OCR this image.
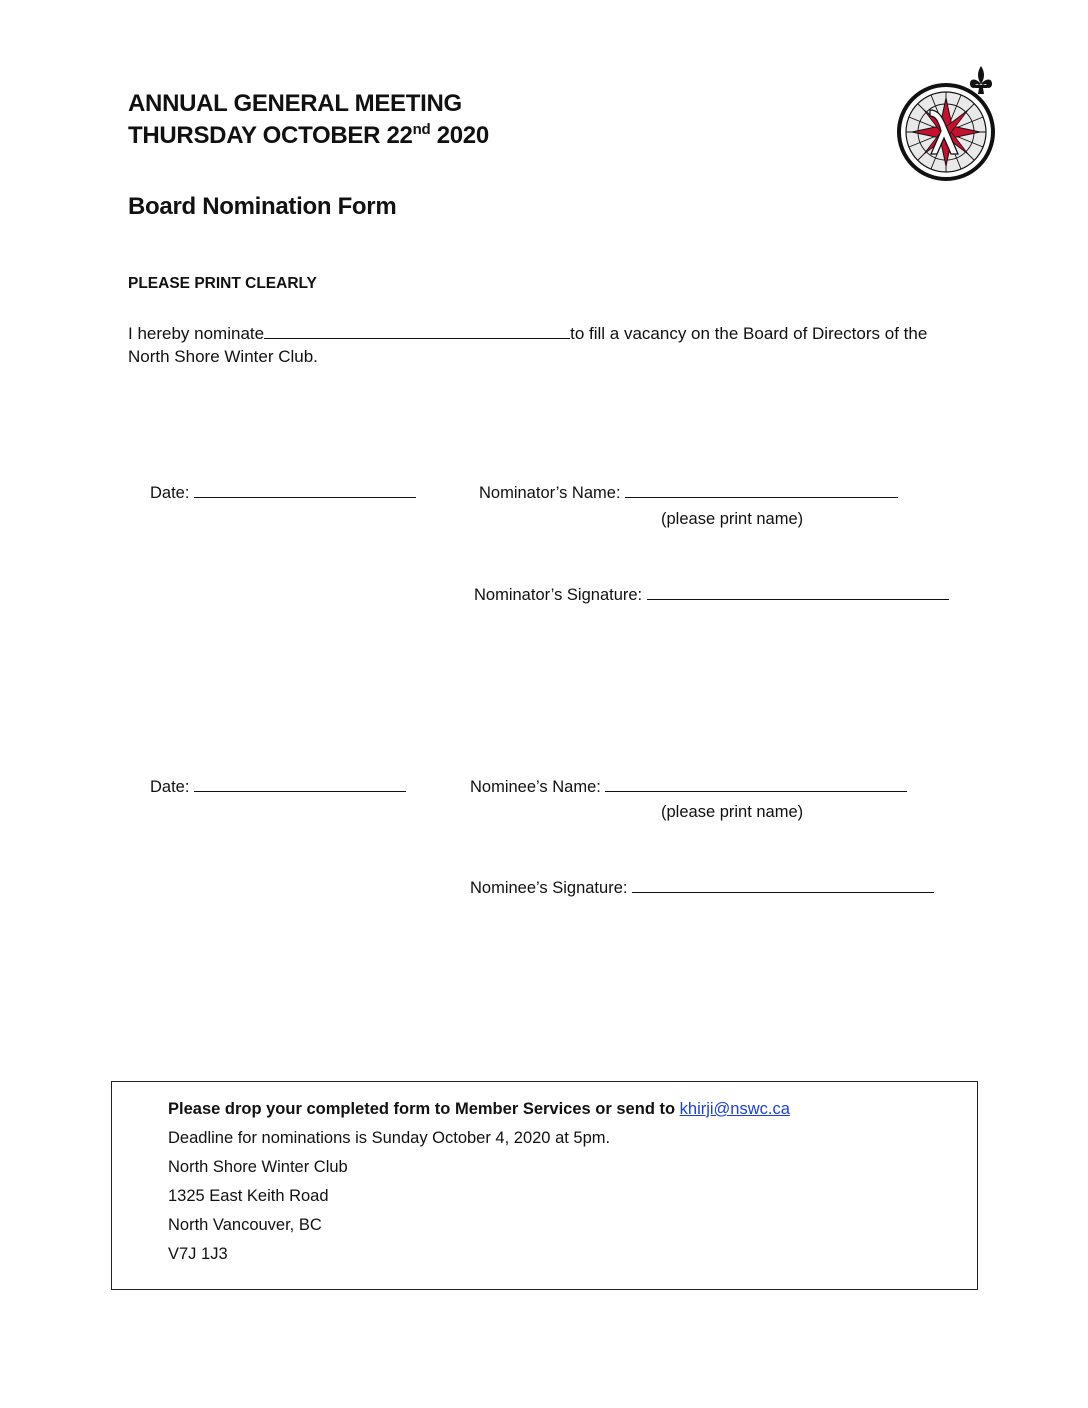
ANNUAL GENERAL MEETING
THURSDAY OCTOBER 22nd 2020
Board Nomination Form
PLEASE PRINT CLEARLY
I hereby nominate	to fill a vacancy on the Board of Directors of the
North Shore Winter Club.
Date:	Nominator’s Name:
(please print name)
Nominator’s Signature:
Date:	Nominee’s Name:
(please print name)
Nominee’s Signature:
Please drop your completed form to Member Services or send to khirji@nswc.ca
Deadline for nominations is Sunday October 4, 2020 at 5pm.
North Shore Winter Club
1325 East Keith Road
North Vancouver, BC
V7J 1J3
